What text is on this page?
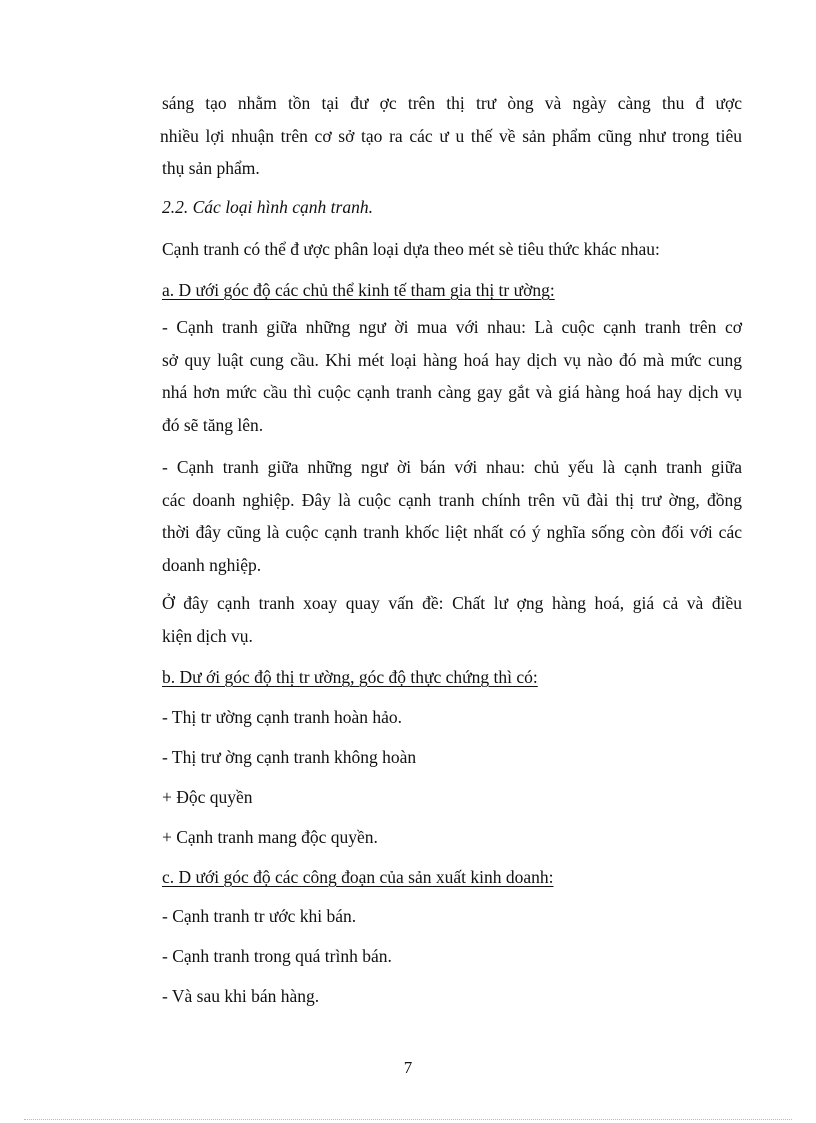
sáng tạo nhằm tồn tại đư ợc trên thị trư òng và ngày càng thu đ ược
nhiều lợi nhuận trên cơ sở tạo ra các ư u thế về sản phẩm cũng như trong tiêu
thụ sản phẩm.
2.2. Các loại hình cạnh tranh.
Cạnh tranh có thể đ ược phân loại dựa theo mét sè tiêu thức khác nhau:
a. D ưới góc độ các chủ thể kinh tế tham gia thị tr ường:
- Cạnh tranh giữa những ngư ời mua với nhau: Là cuộc cạnh tranh trên cơ
sở quy luật cung cầu. Khi mét loại hàng hoá hay dịch vụ nào đó mà mức cung
nhá hơn mức cầu thì cuộc cạnh tranh càng gay gắt và giá hàng hoá hay dịch vụ
đó sẽ tăng lên.
- Cạnh tranh giữa những ngư ời bán với nhau: chủ yếu là cạnh tranh giữa
các doanh nghiệp. Đây là cuộc cạnh tranh chính trên vũ đài thị trư ờng, đồng
thời đây cũng là cuộc cạnh tranh khốc liệt nhất có ý nghĩa sống còn đối với các
doanh nghiệp.
Ở đây cạnh tranh xoay quay vấn đề: Chất lư ợng hàng hoá, giá cả và điều
kiện dịch vụ.
b. Dư ới góc độ thị tr ường, góc độ thực chứng thì có:
- Thị tr ường cạnh tranh hoàn hảo.
- Thị trư ờng cạnh tranh không hoàn
+ Độc quyền
+ Cạnh tranh mang độc quyền.
c. D ưới góc độ các công đoạn của sản xuất kinh doanh:
- Cạnh tranh tr ước khi bán.
- Cạnh tranh trong quá trình bán.
- Và sau khi bán hàng.
7
